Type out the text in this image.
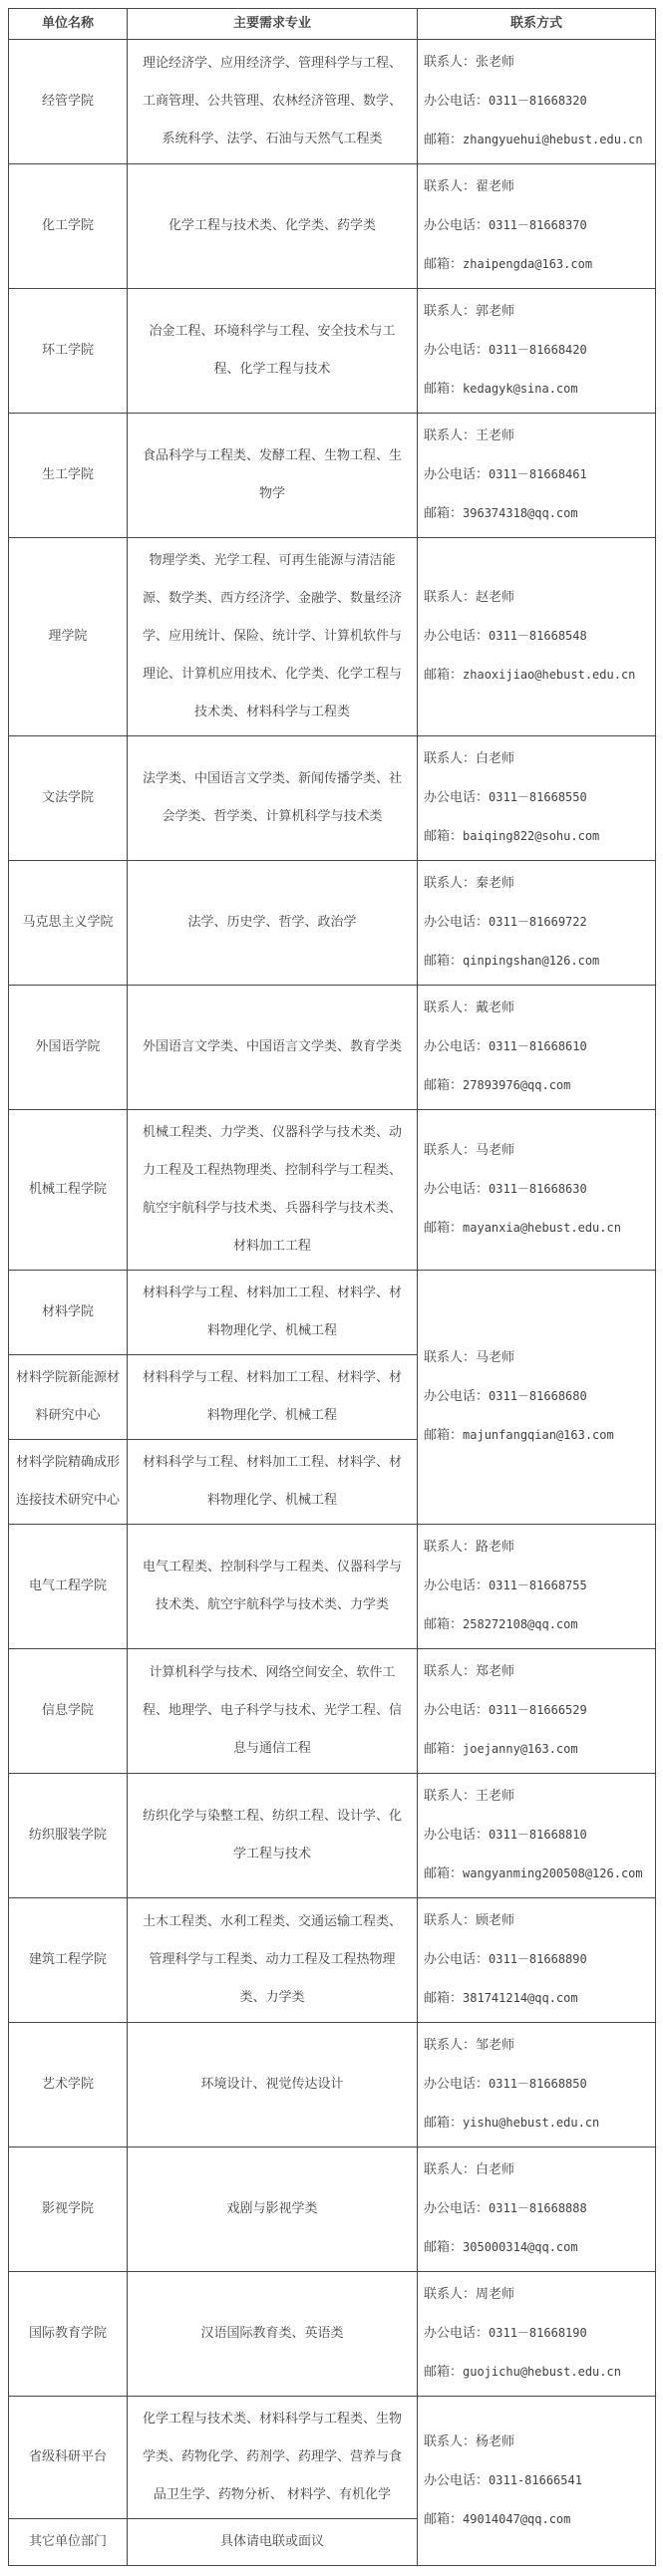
单位名称	主要需求专业	联系方式
经管学院	理论经济学、应用经济学、管理科学与工程、工商管理、公共管理、农林经济管理、数学、系统科学、法学、石油与天然气工程类	联系人：张老师
办公电话：0311－81668320
邮箱：zhangyuehui@hebust.edu.cn

化工学院	化学工程与技术类、化学类、药学类	联系人：翟老师
办公电话：0311－81668370
邮箱：zhaipengda@163.com

环工学院	冶金工程、环境科学与工程、安全技术与工程、化学工程与技术	联系人：郭老师
办公电话：0311－81668420
邮箱：kedagyk@sina.com

生工学院	食品科学与工程类、发酵工程、生物工程、生物学	联系人：王老师
办公电话：0311－81668461
邮箱：396374318@qq.com

理学院	物理学类、光学工程、可再生能源与清洁能源、数学类、西方经济学、金融学、数量经济学、应用统计、保险、统计学、计算机软件与理论、计算机应用技术、化学类、化学工程与技术类、材料科学与工程类	联系人：赵老师
办公电话：0311－81668548
邮箱：zhaoxijiao@hebust.edu.cn

文法学院	法学类、中国语言文学类、新闻传播学类、社会学类、哲学类、计算机科学与技术类	联系人：白老师
办公电话：0311－81668550
邮箱：baiqing822@sohu.com

马克思主义学院	法学、历史学、哲学、政治学	联系人：秦老师
办公电话：0311－81669722
邮箱：qinpingshan@126.com

外国语学院	外国语言文学类、中国语言文学类、教育学类	联系人：戴老师
办公电话：0311－81668610
邮箱：27893976@qq.com

机械工程学院	机械工程类、力学类、仪器科学与技术类、动力工程及工程热物理类、控制科学与工程类、航空宇航科学与技术类、兵器科学与技术类、材料加工工程	联系人：马老师
办公电话：0311－81668630
邮箱：mayanxia@hebust.edu.cn

材料学院	材料科学与工程、材料加工工程、材料学、材料物理化学、机械工程	联系人：马老师
办公电话：0311－81668680
邮箱：majunfangqian@163.com

材料学院新能源材料研究中心	材料科学与工程、材料加工工程、材料学、材料物理化学、机械工程	
材料学院精确成形连接技术研究中心	材料科学与工程、材料加工工程、材料学、材料物理化学、机械工程	
电气工程学院	电气工程类、控制科学与工程类、仪器科学与技术类、航空宇航科学与技术类、力学类	联系人：路老师
办公电话：0311－81668755
邮箱：258272108@qq.com

信息学院	计算机科学与技术、网络空间安全、软件工程、地理学、电子科学与技术、光学工程、信息与通信工程	联系人：郑老师
办公电话：0311－81666529
邮箱：joejanny@163.com

纺织服装学院	纺织化学与染整工程、纺织工程、设计学、化学工程与技术	联系人：王老师
办公电话：0311－81668810
邮箱：wangyanming200508@126.com

建筑工程学院	土木工程类、水利工程类、交通运输工程类、管理科学与工程类、动力工程及工程热物理类、力学类	联系人：顾老师
办公电话：0311－81668890
邮箱：381741214@qq.com

艺术学院	环境设计、视觉传达设计	联系人：邹老师
办公电话：0311－81668850
邮箱：yishu@hebust.edu.cn

影视学院	戏剧与影视学类	联系人：白老师
办公电话：0311－81668888
邮箱：305000314@qq.com

国际教育学院	汉语国际教育类、英语类	联系人：周老师
办公电话：0311－81668190
邮箱：guojichu@hebust.edu.cn

省级科研平台	化学工程与技术类、材料科学与工程类、生物学类、药物化学、药剂学、药理学、营养与食品卫生学、药物分析、 材料学、有机化学	联系人：杨老师
办公电话：0311-81666541
邮箱：49014047@qq.com

其它单位部门	具体请电联或面议	
